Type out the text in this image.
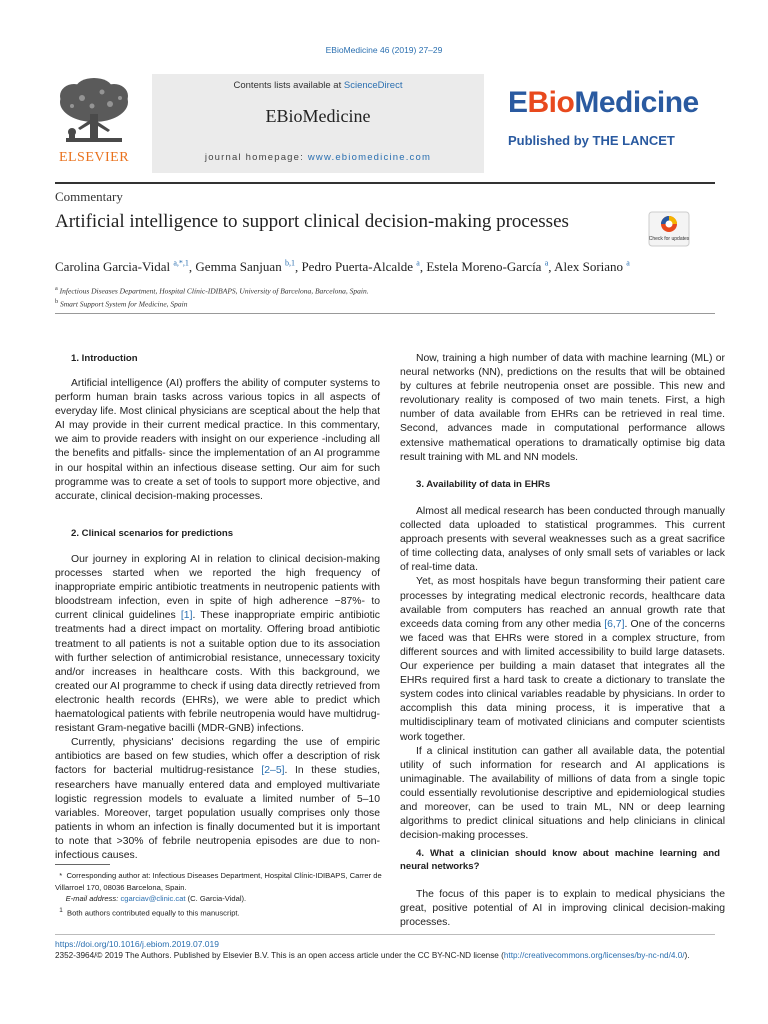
EBioMedicine 46 (2019) 27–29
ELSEVIER
Contents lists available at ScienceDirect
EBioMedicine
journal homepage: www.ebiomedicine.com
EBioMedicine
Published by THE LANCET
Commentary
Artificial intelligence to support clinical decision-making processes
Check for updates
Carolina Garcia-Vidal $^{a,*,1}$, Gemma Sanjuan $^{b,1}$, Pedro Puerta-Alcalde $^a$, Estela Moreno-García $^a$, Alex Soriano $^a$
$^a$ Infectious Diseases Department, Hospital Clínic-IDIBAPS, University of Barcelona, Barcelona, Spain.
$^b$ Smart Support System for Medicine, Spain

1. Introduction

Artificial intelligence (AI) proffers the ability of computer systems to perform human brain tasks across various topics in all aspects of everyday life. Most clinical physicians are sceptical about the help that AI may provide in their current medical practice. In this commentary, we aim to provide readers with insight on our experience -including all the benefits and pitfalls- since the implementation of an AI programme in our hospital within an infectious disease setting. Our aim for such programme was to create a set of tools to support more objective, and accurate, clinical decision-making processes.

2. Clinical scenarios for predictions

Our journey in exploring AI in relation to clinical decision-making processes started when we reported the high frequency of inappropriate empiric antibiotic treatments in neutropenic patients with bloodstream infection, even in spite of high adherence −87%- to current clinical guidelines [1]. These inappropriate empiric antibiotic treatments had a direct impact on mortality. Offering broad antibiotic treatment to all patients is not a suitable option due to its association with further selection of antimicrobial resistance, unnecessary toxicity and/or increases in healthcare costs. With this background, we created our AI programme to check if using data directly retrieved from electronic health records (EHRs), we were able to predict which haematological patients with febrile neutropenia would have multidrug-resistant Gram-negative bacilli (MDR-GNB) infections.

Currently, physicians' decisions regarding the use of empiric antibiotics are based on few studies, which offer a description of risk factors for bacterial multidrug-resistance [2–5]. In these studies, researchers have manually entered data and employed multivariate logistic regression models to evaluate a limited number of 5–10 variables. Moreover, target population usually comprises only those patients in whom an infection is finally documented but it is important to note that >30% of febrile neutropenia episodes are due to non-infectious causes.

* Corresponding author at: Infectious Diseases Department, Hospital Clínic-IDIBAPS, Carrer de Villarroel 170, 08036 Barcelona, Spain.
E-mail address: cgarciav@clinic.cat (C. Garcia-Vidal).
$^1$ Both authors contributed equally to this manuscript.

Now, training a high number of data with machine learning (ML) or neural networks (NN), predictions on the results that will be obtained by cultures at febrile neutropenia onset are possible. This new and revolutionary reality is composed of two main tenets. First, a high number of data available from EHRs can be retrieved in real time. Second, advances made in computational performance allows extensive mathematical operations to dramatically optimise big data result training with ML and NN models.

3. Availability of data in EHRs

Almost all medical research has been conducted through manually collected data uploaded to statistical programmes. This current approach presents with several weaknesses such as a great sacrifice of time collecting data, analyses of only small sets of variables or lack of real-time data.

Yet, as most hospitals have begun transforming their patient care processes by integrating medical electronic records, healthcare data available from computers has reached an annual growth rate that exceeds data coming from any other media [6,7]. One of the concerns we faced was that EHRs were stored in a complex structure, from different sources and with limited accessibility to build large datasets. Our experience per building a main dataset that integrates all the EHRs required first a hard task to create a dictionary to translate the system codes into clinical variables readable by physicians. In order to accomplish this data mining process, it is imperative that a multidisciplinary team of motivated clinicians and computer scientists work together.

If a clinical institution can gather all available data, the potential utility of such information for research and AI applications is unimaginable. The availability of millions of data from a single topic could essentially revolutionise descriptive and epidemiological studies and moreover, can be used to train ML, NN or deep learning algorithms to predict clinical situations and help clinicians in clinical decision-making processes.

4. What a clinician should know about machine learning and neural networks?

The focus of this paper is to explain to medical physicians the great, positive potential of AI in improving clinical decision-making processes.

https://doi.org/10.1016/j.ebiom.2019.07.019
2352-3964/© 2019 The Authors. Published by Elsevier B.V. This is an open access article under the CC BY-NC-ND license (http://creativecommons.org/licenses/by-nc-nd/4.0/).
